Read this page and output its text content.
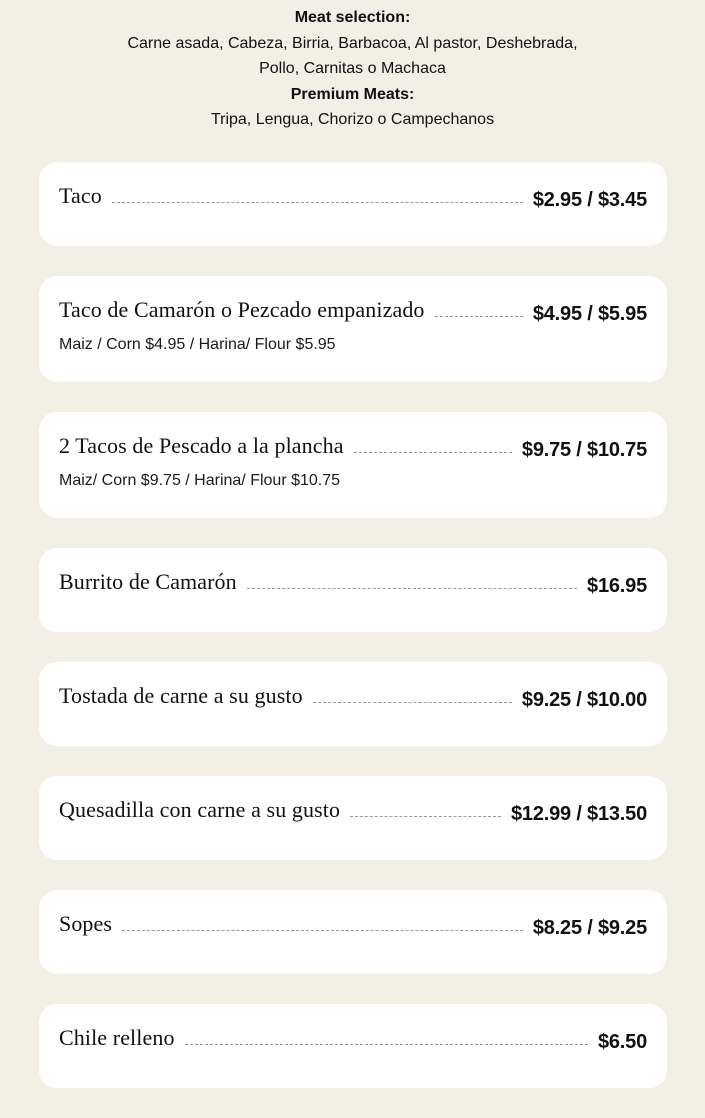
Meat selection:
Carne asada, Cabeza, Birria, Barbacoa, Al pastor, Deshebrada, Pollo, Carnitas o Machaca
Premium Meats:
Tripa, Lengua, Chorizo o Campechanos
Taco	$2.95 / $3.45
Taco de Camarón o Pezcado empanizado	$4.95 / $5.95
Maiz / Corn $4.95 / Harina/ Flour $5.95
2 Tacos de Pescado a la plancha	$9.75 / $10.75
Maiz/ Corn $9.75 / Harina/ Flour $10.75
Burrito de Camarón	$16.95
Tostada de carne a su gusto	$9.25 / $10.00
Quesadilla con carne a su gusto	$12.99 / $13.50
Sopes	$8.25 / $9.25
Chile relleno	$6.50
